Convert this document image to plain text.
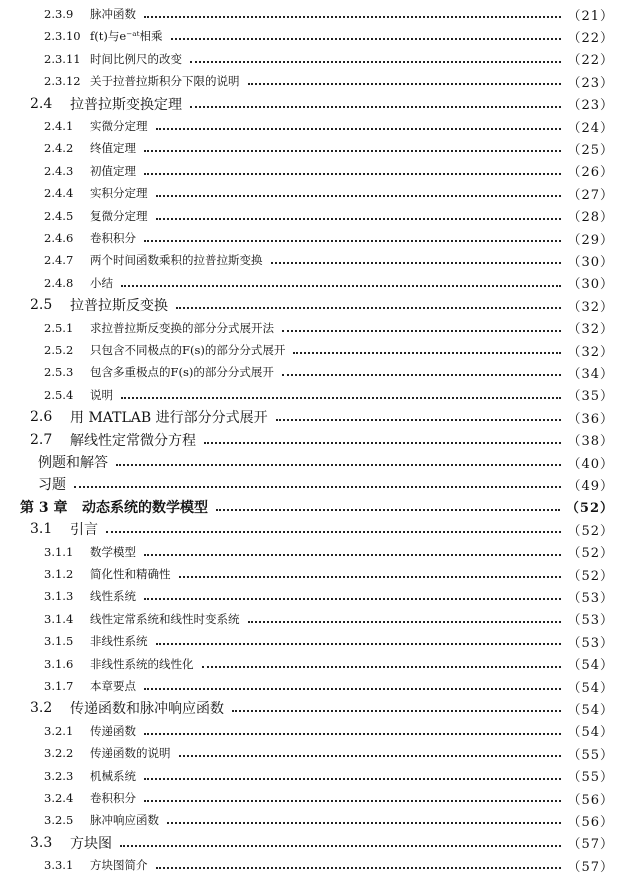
2.3.9	脉冲函数	（21）
2.3.10 f(t)与e⁻ᵃᵗ相乘	（22）
2.3.11 时间比例尺的改变	（22）
2.3.12 关于拉普拉斯积分下限的说明	（23）
2.4	拉普拉斯变换定理	（23）
2.4.1	实微分定理	（24）
2.4.2	终值定理	（25）
2.4.3	初值定理	（26）
2.4.4	实积分定理	（27）
2.4.5	复微分定理	（28）
2.4.6	卷积积分	（29）
2.4.7	两个时间函数乘积的拉普拉斯变换	（30）
2.4.8	小结	（30）
2.5	拉普拉斯反变换	（32）
2.5.1	求拉普拉斯反变换的部分分式展开法	（32）
2.5.2	只包含不同极点的F(s)的部分分式展开	（32）
2.5.3	包含多重极点的F(s)的部分分式展开	（34）
2.5.4	说明	（35）
2.6	用 MATLAB 进行部分分式展开	（36）
2.7	解线性定常微分方程	（38）
例题和解答	（40）
习题	（49）
第 3 章	动态系统的数学模型	（52）
3.1	引言	（52）
3.1.1	数学模型	（52）
3.1.2	简化性和精确性	（52）
3.1.3	线性系统	（53）
3.1.4	线性定常系统和线性时变系统	（53）
3.1.5	非线性系统	（53）
3.1.6	非线性系统的线性化	（54）
3.1.7	本章要点	（54）
3.2	传递函数和脉冲响应函数	（54）
3.2.1	传递函数	（54）
3.2.2	传递函数的说明	（55）
3.2.3	机械系统	（55）
3.2.4	卷积积分	（56）
3.2.5	脉冲响应函数	（56）
3.3	方块图	（57）
3.3.1	方块图简介	（57）
